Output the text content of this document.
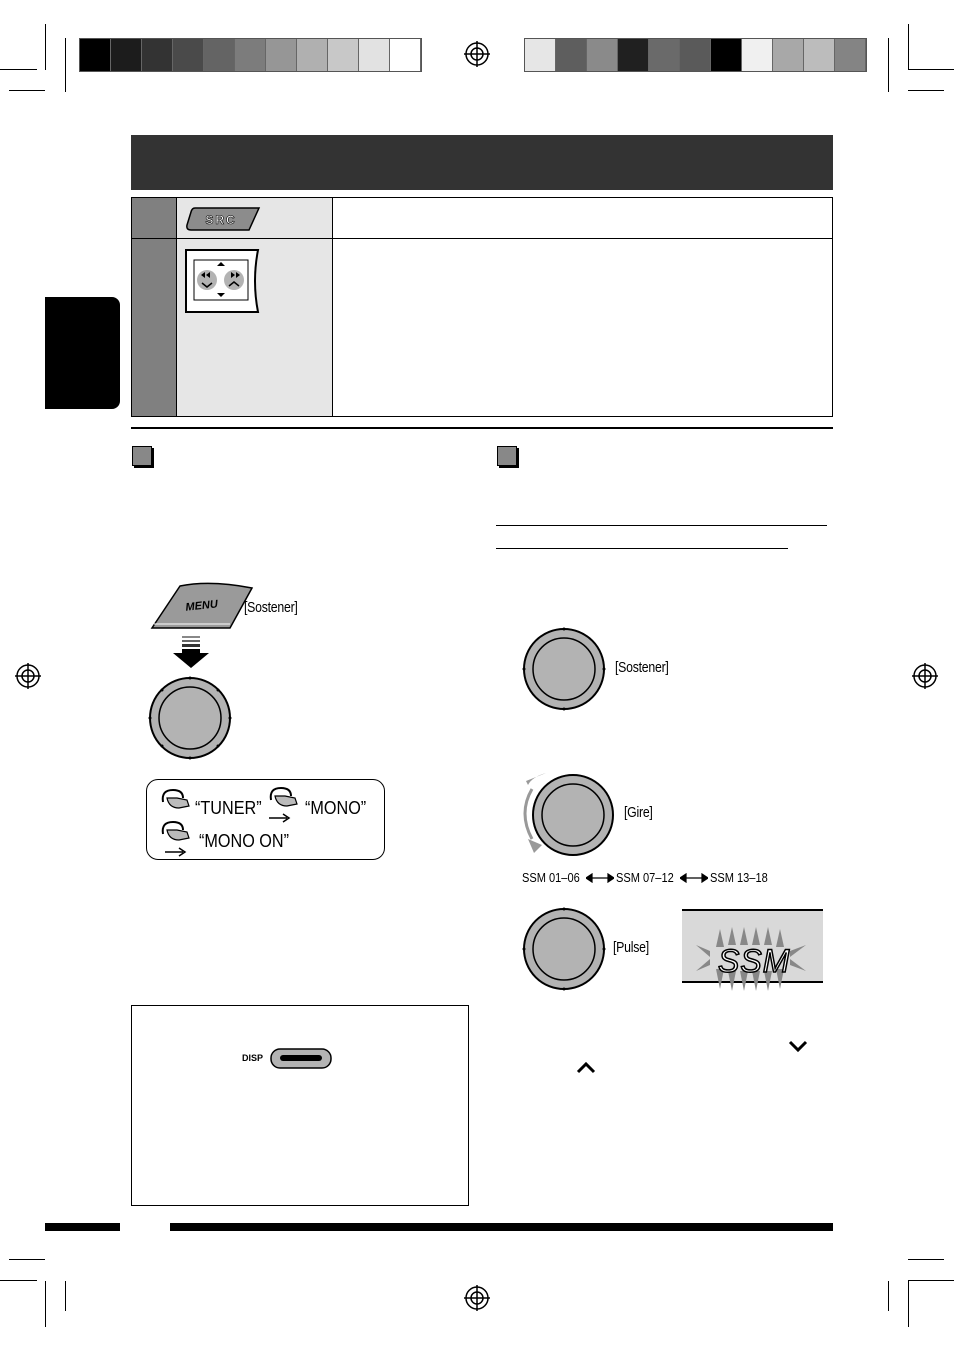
SRC
MENU [Sostener]
“TUNER” “MONO”
“MONO ON”
DISP
[Sostener]
[Gire]
SSM 01–06	SSM 07–12	SSM 13–18
[Pulse] SSM
